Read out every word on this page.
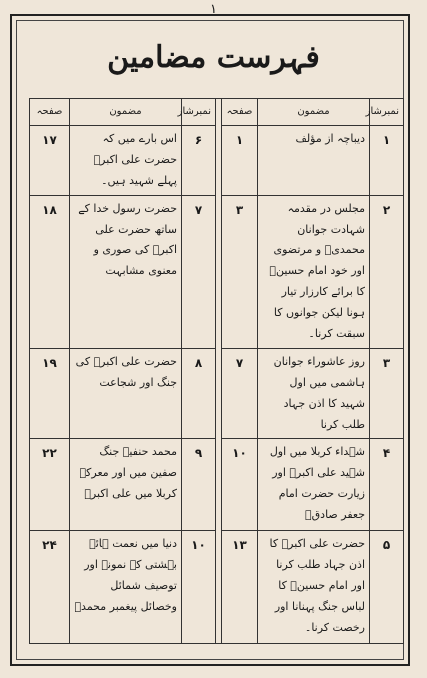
۱
فہرست مضامین
نمبرشار	مضمون	صفحہ		نمبرشار	مضمون	صفحہ
۱	دیباچہ از مؤلف	۱		۶	اس بارے میں کہ حضرت علی اکبرؑ پہلے شہید ہیں۔	۱۷
۲	مجلس در مقدمہ شہادت جوانان محمدیؐ و مرتضوی اور خود امام حسینؑ کا برائے کارزار تیار ہونا لیکن جوانوں کا سبقت کرنا۔	۳		۷	حضرت رسول خدا کے ساتھ حضرت علی اکبرؑ کی صوری و معنوی مشابہت	۱۸
۳	روز عاشوراء جوانان ہاشمی میں اول شہید کا اذن جہاد طلب کرنا	۷		۸	حضرت علی اکبرؑ کی جنگ اور شجاعت	۱۹
۴	شہداء کربلا میں اول شہید علی اکبرؑ اور زیارت حضرت امام جعفر صادقؑ	۱۰		۹	محمد حنفیہ جنگ صفین میں اور معرکہ کربلا میں علی اکبرؑ	۲۲
۵	حضرت علی اکبرؑ کا اذن جہاد طلب کرنا اور امام حسینؑ کا لباس جنگ پہنانا اور رخصت کرنا۔	۱۳		۱۰	دنیا میں نعمت ہائے بہشتی کے نمونے اور توصیف شمائل وخصائل پیغمبر محمدؐ	۲۴
